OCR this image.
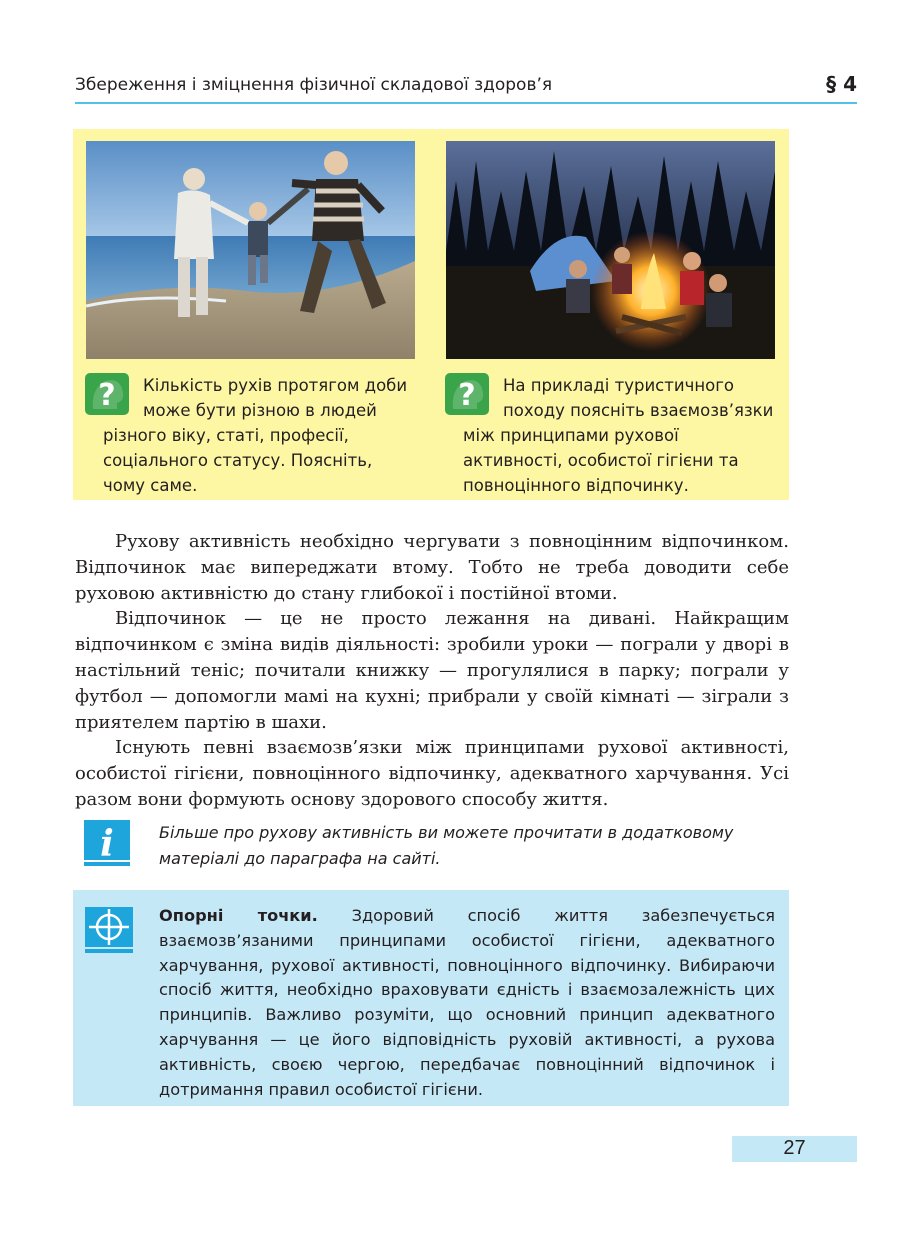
Збереження і зміцнення фізичної складової здоров’я	§ 4
?	Кількість рухів протягом доби

може бути різною в людей

різного віку, статі, професії, соціального статусу. Поясніть, чому саме.

?	На прикладі туристичного

походу поясніть взаємозв’язки

між принципами рухової активності, особистої гігієни та повноцінного відпочинку.

Рухову активність необхідно чергувати з повноцінним відпочинком. Відпочинок має випереджати втому. Тобто не треба доводити себе руховою активністю до стану глибокої і постійної втоми.

Відпочинок — це не просто лежання на дивані. Найкращим відпочинком є зміна видів діяльності: зробили уроки — пограли у дворі в настільний теніс; почитали книжку — прогулялися в парку; пограли у футбол — допомогли мамі на кухні; прибрали у своїй кімнаті — зіграли з приятелем партію в шахи.

Існують певні взаємозв’язки між принципами рухової активності, особистої гігієни, повноцінного відпочинку, адекватного харчування. Усі разом вони формують основу здорового способу життя.

i	Більше про рухову активність ви можете прочитати в додатковому матеріалі до параграфа на сайті.
Опорні точки. Здоровий спосіб життя забезпечується взаємозв’язаними принципами особистої гігієни, адекватного харчування, рухової активності, повноцінного відпочинку. Вибираючи спосіб життя, необхідно враховувати єдність і взаємозалежність цих принципів. Важливо розуміти, що основний принцип адекватного харчування — це його відповідність руховій активності, а рухова активність, своєю чергою, передбачає повноцінний відпочинок і дотримання правил особистої гігієни.
27
